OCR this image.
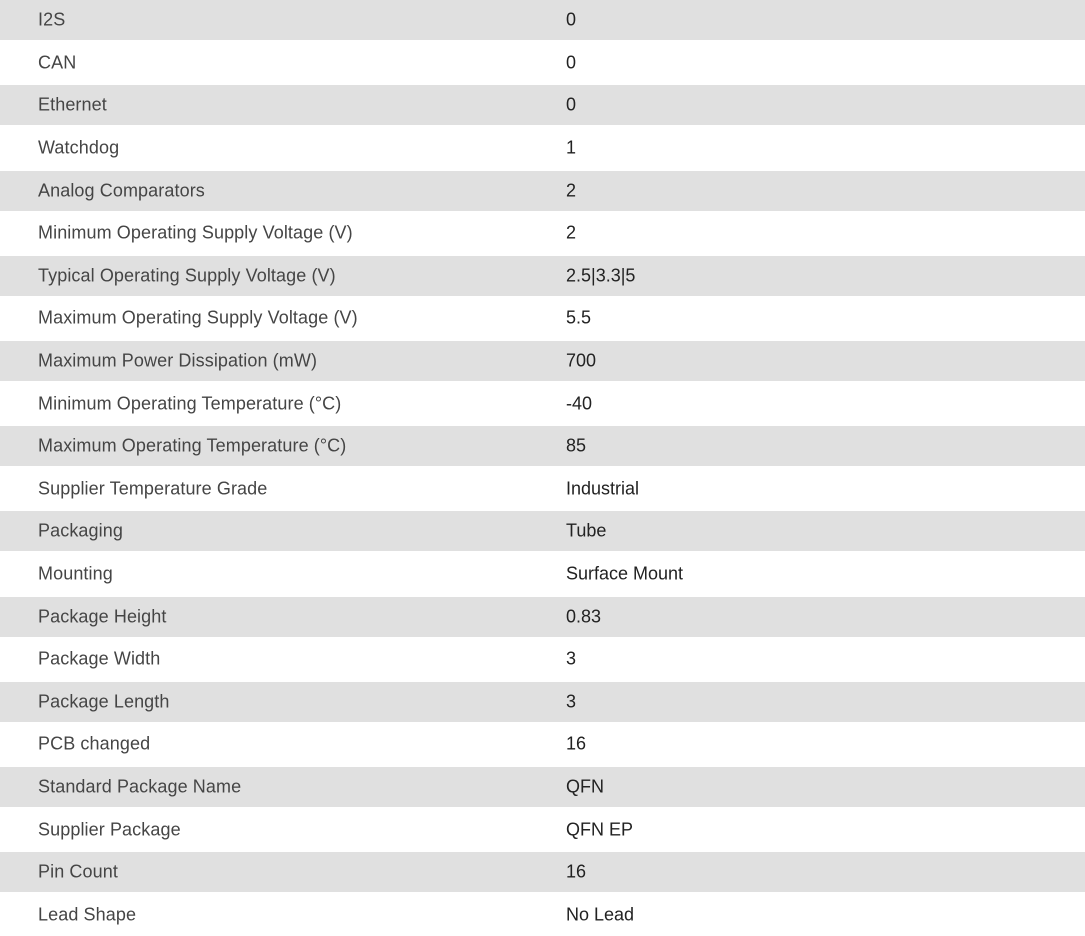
I2S	0
CAN	0
Ethernet	0
Watchdog	1
Analog Comparators	2
Minimum Operating Supply Voltage (V)	2
Typical Operating Supply Voltage (V)	2.5|3.3|5
Maximum Operating Supply Voltage (V)	5.5
Maximum Power Dissipation (mW)	700
Minimum Operating Temperature (°C)	-40
Maximum Operating Temperature (°C)	85
Supplier Temperature Grade	Industrial
Packaging	Tube
Mounting	Surface Mount
Package Height	0.83
Package Width	3
Package Length	3
PCB changed	16
Standard Package Name	QFN
Supplier Package	QFN EP
Pin Count	16
Lead Shape	No Lead
